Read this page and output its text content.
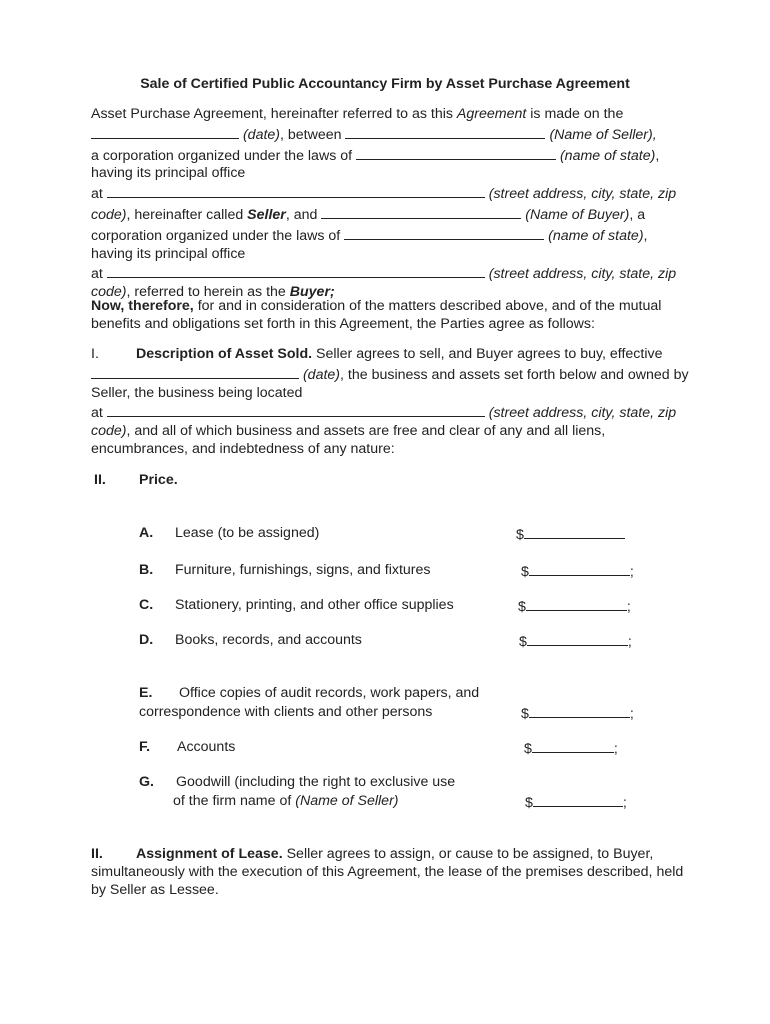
Sale of Certified Public Accountancy Firm by Asset Purchase Agreement
Asset Purchase Agreement, hereinafter referred to as this Agreement is made on the
(date), between	(Name of Seller),
a corporation organized under the laws of	(name of state), having its principal office
at	(street address, city, state, zip code), hereinafter called Seller, and	(Name of Buyer), a corporation organized under the laws of	(name of state), having its principal office
at	(street address, city, state, zip code), referred to herein as the Buyer;
Now, therefore, for and in consideration of the matters described above, and of the mutual benefits and obligations set forth in this Agreement, the Parties agree as follows:
I.	Description of Asset Sold. Seller agrees to sell, and Buyer agrees to buy, effective  (date), the business and assets set forth below and owned by Seller, the business being located
at	(street address, city, state, zip code), and all of which business and assets are free and clear of any and all liens, encumbrances, and indebtedness of any nature:
II. Price.
A. Lease (to be assigned)	$
B. Furniture, furnishings, signs, and fixtures	$	;
C. Stationery, printing, and other office supplies	$	;
D. Books, records, and accounts	$	;
E. Office copies of audit records, work papers, and
correspondence with clients and other persons	$	;
F. Accounts	$	;
G. Goodwill (including the right to exclusive use
of the firm name of (Name of Seller)	$	;
II. Assignment of Lease. Seller agrees to assign, or cause to be assigned, to Buyer, simultaneously with the execution of this Agreement, the lease of the premises described, held by Seller as Lessee.
